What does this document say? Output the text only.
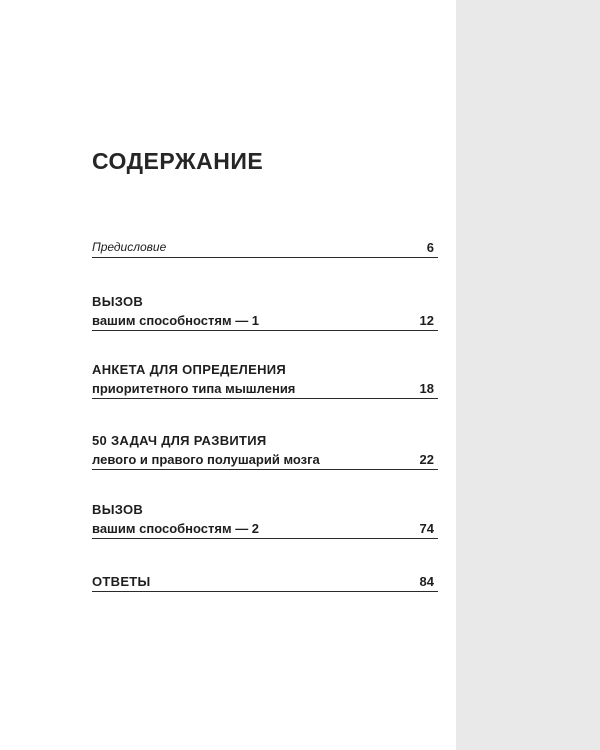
СОДЕРЖАНИЕ
Предисловие	6
ВЫЗОВ
вашим способностям — 1	12
АНКЕТА ДЛЯ ОПРЕДЕЛЕНИЯ
приоритетного типа мышления	18
50 ЗАДАЧ ДЛЯ РАЗВИТИЯ
левого и правого полушарий мозга	22
ВЫЗОВ
вашим способностям — 2	74
ОТВЕТЫ	84
